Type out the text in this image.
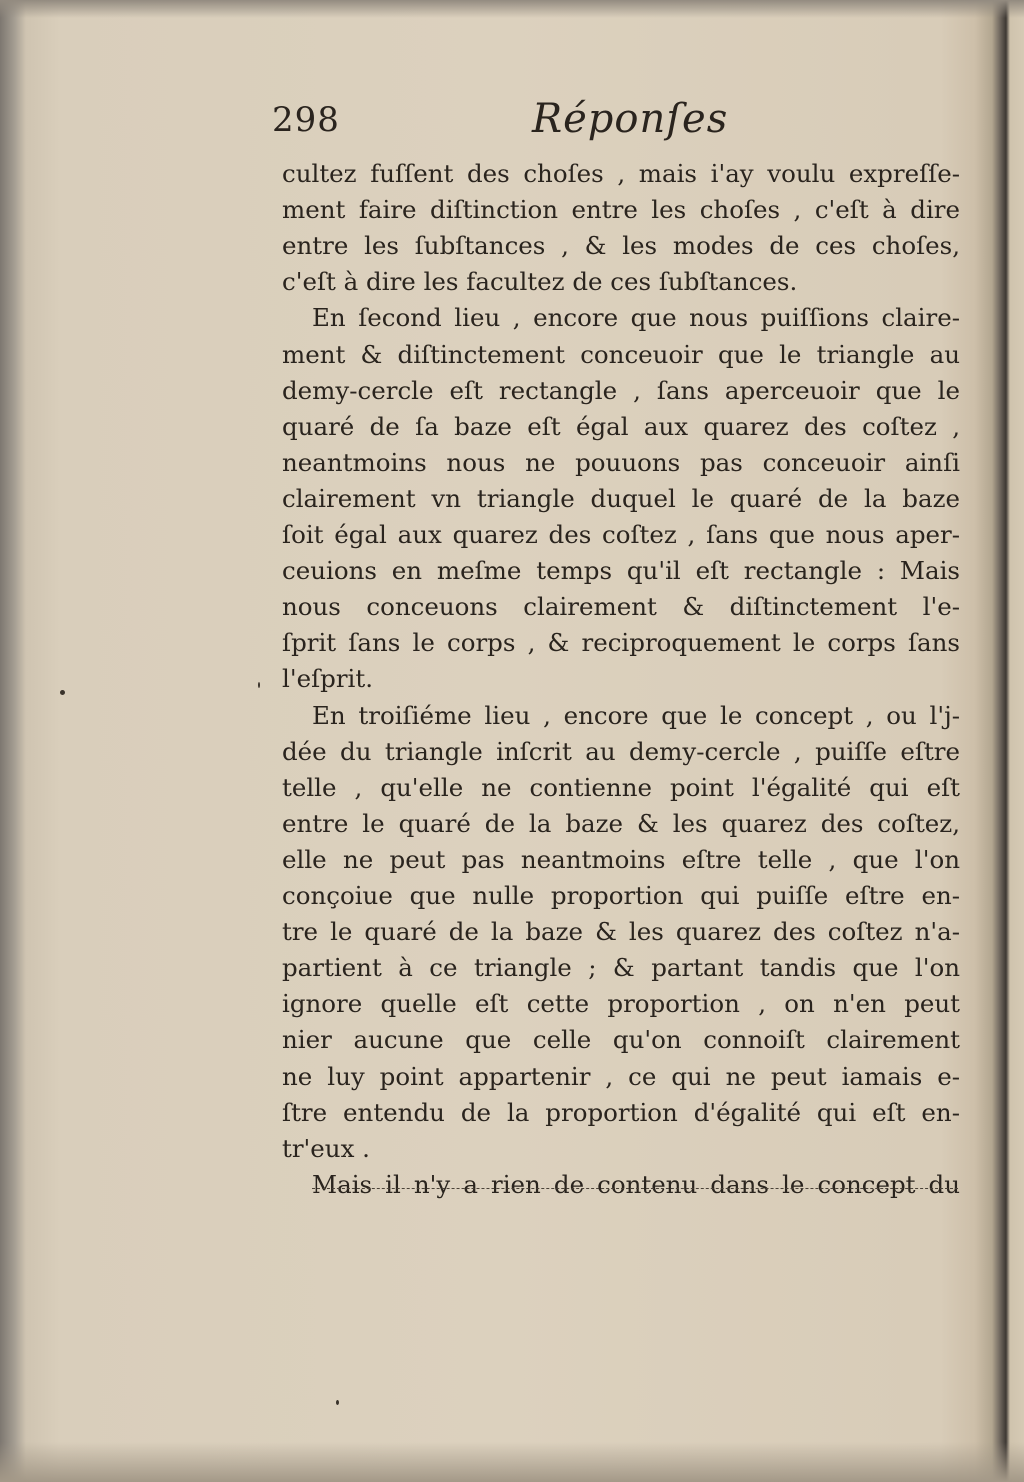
298	Réponſes
cultez fuſſent des choſes , mais i'ay voulu expreſſe-
ment faire diſtinction entre les choſes , c'eſt à dire
entre les ſubſtances , & les modes de ces choſes,
c'eſt à dire les facultez de ces ſubſtances.
En ſecond lieu , encore que nous puiſſions claire-
ment & diſtinctement conceuoir que le triangle au
demy-cercle eſt rectangle , ſans aperceuoir que le
quaré de ſa baze eſt égal aux quarez des coſtez ,
neantmoins nous ne pouuons pas conceuoir ainſi
clairement vn triangle duquel le quaré de la baze
ſoit égal aux quarez des coſtez , ſans que nous aper-
ceuions en meſme temps qu'il eſt rectangle : Mais
nous conceuons clairement & diſtinctement l'e-
ſprit ſans le corps , & reciproquement le corps ſans
l'eſprit.
En troiſiéme lieu , encore que le concept , ou l'j-
dée du triangle inſcrit au demy-cercle , puiſſe eſtre
telle , qu'elle ne contienne point l'égalité qui eſt
entre le quaré de la baze & les quarez des coſtez,
elle ne peut pas neantmoins eſtre telle , que l'on
conçoiue que nulle proportion qui puiſſe eſtre en-
tre le quaré de la baze & les quarez des coſtez n'a-
partient à ce triangle ; & partant tandis que l'on
ignore quelle eſt cette proportion , on n'en peut
nier aucune que celle qu'on connoiſt clairement
ne luy point appartenir , ce qui ne peut iamais e-
ſtre entendu de la proportion d'égalité qui eſt en-
tr'eux .
Mais il n'y a rien de contenu dans le concept du
